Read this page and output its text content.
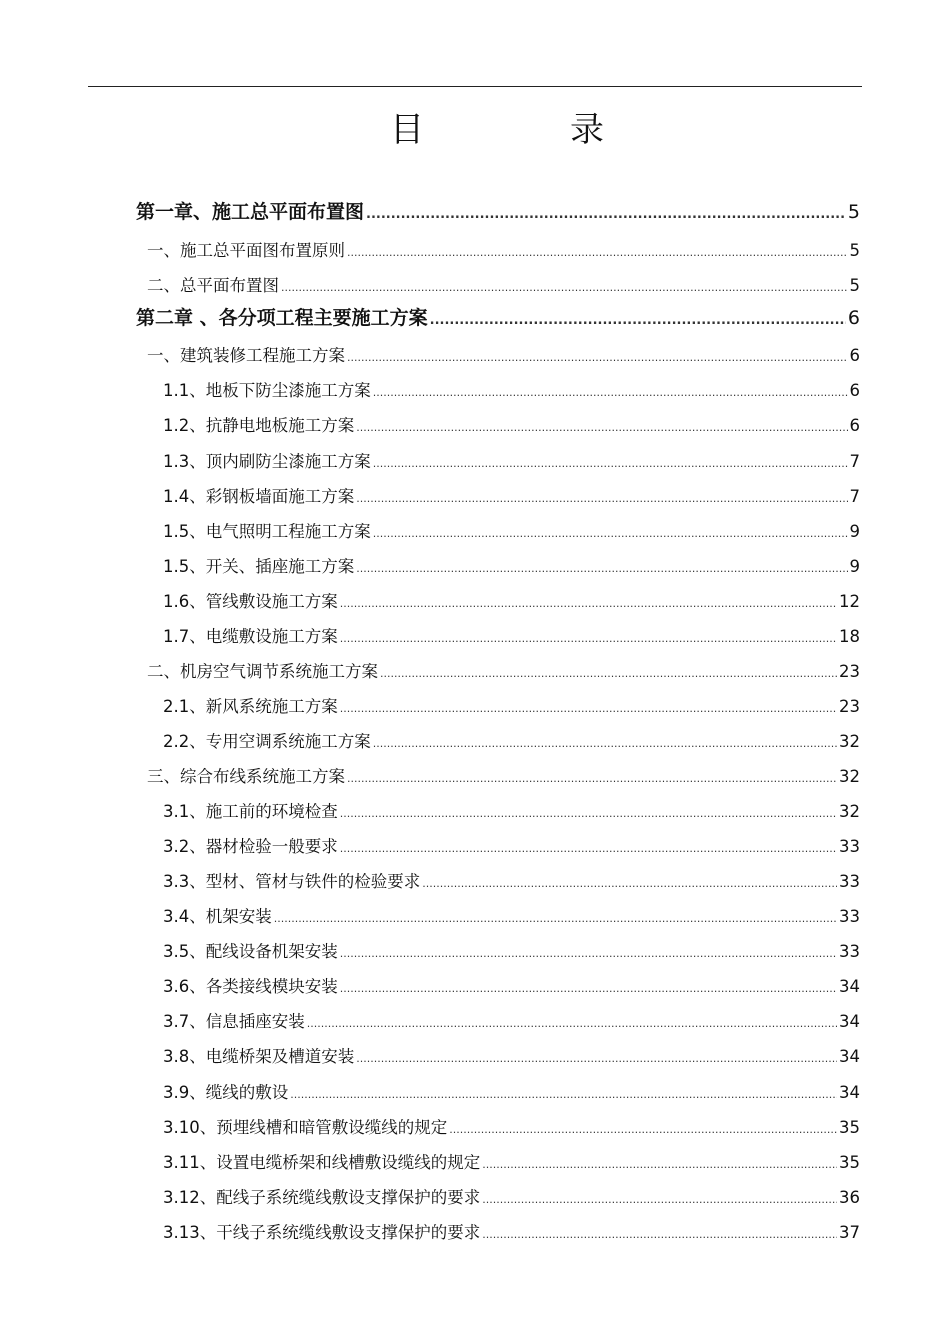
目　录
第一章、施工总平面布置图 .....	5
一、施工总平面图布置原则 .....	5
二、总平面布置图 .....	5
第二章 、各分项工程主要施工方案 .....	6
一、建筑装修工程施工方案 .....	6
1.1、地板下防尘漆施工方案 .....	6
1.2、抗静电地板施工方案 .....	6
1.3、顶内刷防尘漆施工方案 .....	7
1.4、彩钢板墙面施工方案 .....	7
1.5、电气照明工程施工方案 .....	9
1.5、开关、插座施工方案 .....	9
1.6、管线敷设施工方案 .....	12
1.7、电缆敷设施工方案 .....	18
二、机房空气调节系统施工方案 .....	23
2.1、新风系统施工方案 .....	23
2.2、专用空调系统施工方案 .....	32
三、综合布线系统施工方案 .....	32
3.1、施工前的环境检查 .....	32
3.2、器材检验一般要求 .....	33
3.3、型材、管材与铁件的检验要求 .....	33
3.4、机架安装 .....	33
3.5、配线设备机架安装 .....	33
3.6、各类接线模块安装 .....	34
3.7、信息插座安装 .....	34
3.8、电缆桥架及槽道安装 .....	34
3.9、缆线的敷设 .....	34
3.10、预埋线槽和暗管敷设缆线的规定 .....	35
3.11、设置电缆桥架和线槽敷设缆线的规定 .....	35
3.12、配线子系统缆线敷设支撑保护的要求 .....	36
3.13、干线子系统缆线敷设支撑保护的要求 .....	37
